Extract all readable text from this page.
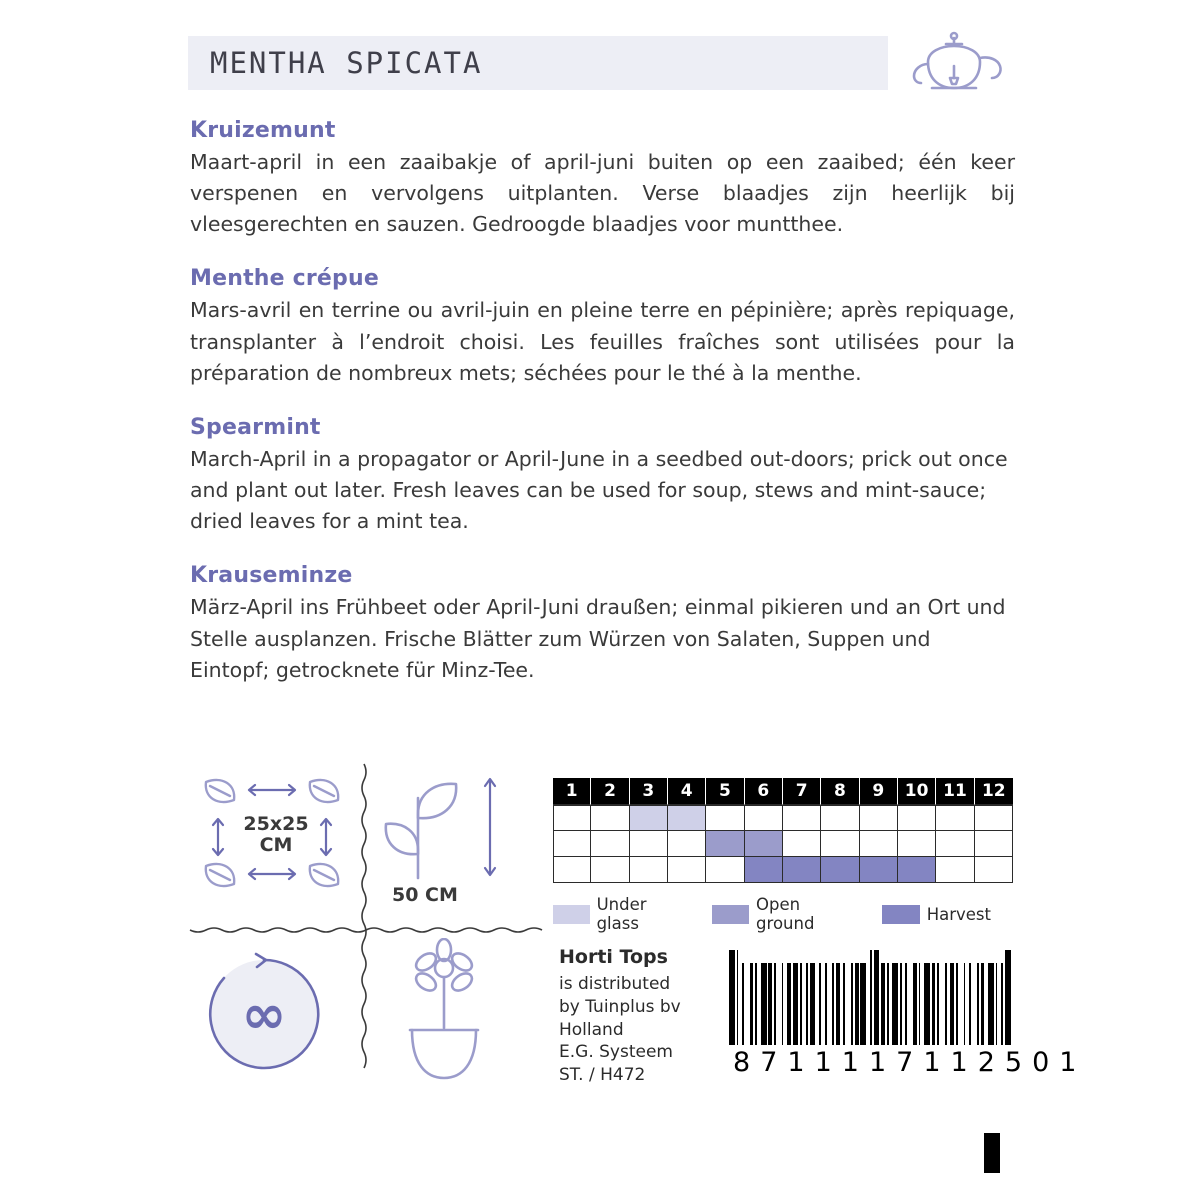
MENTHA SPICATA
Kruizemunt

Maart-april in een zaaibakje of april-juni buiten op een zaaibed; één keer verspenen en vervolgens uitplanten. Verse blaadjes zijn heerlijk bij vleesgerechten en sauzen. Gedroogde blaadjes voor muntthee.

Menthe crépue

Mars-avril en terrine ou avril-juin en pleine terre en pépinière; après repiquage, transplanter à l’endroit choisi. Les feuilles fraîches sont utilisées pour la préparation de nombreux mets; séchées pour le thé à la menthe.

Spearmint

March-April in a propagator or April-June in a seedbed out-doors; prick out once and plant out later. Fresh leaves can be used for soup, stews and mint-sauce; dried leaves for a mint tea.

Krauseminze

März-April ins Frühbeet oder April-Juni draußen; einmal pikieren und an Ort und Stelle ausplanzen. Frische Blätter zum Würzen von Salaten, Suppen und Eintopf; getrocknete für Minz-Tee.

25x25
CM
50 CM
∞
1	2	3	4	5	6	7	8	9	10 11 12
Under glass
Open ground	Harvest
Horti Tops
is distributed
by Tuinplus bv
Holland
E.G. Systeem
ST. / H472	8 7 1 1 1 1 7 1 1 2 5 0 1
